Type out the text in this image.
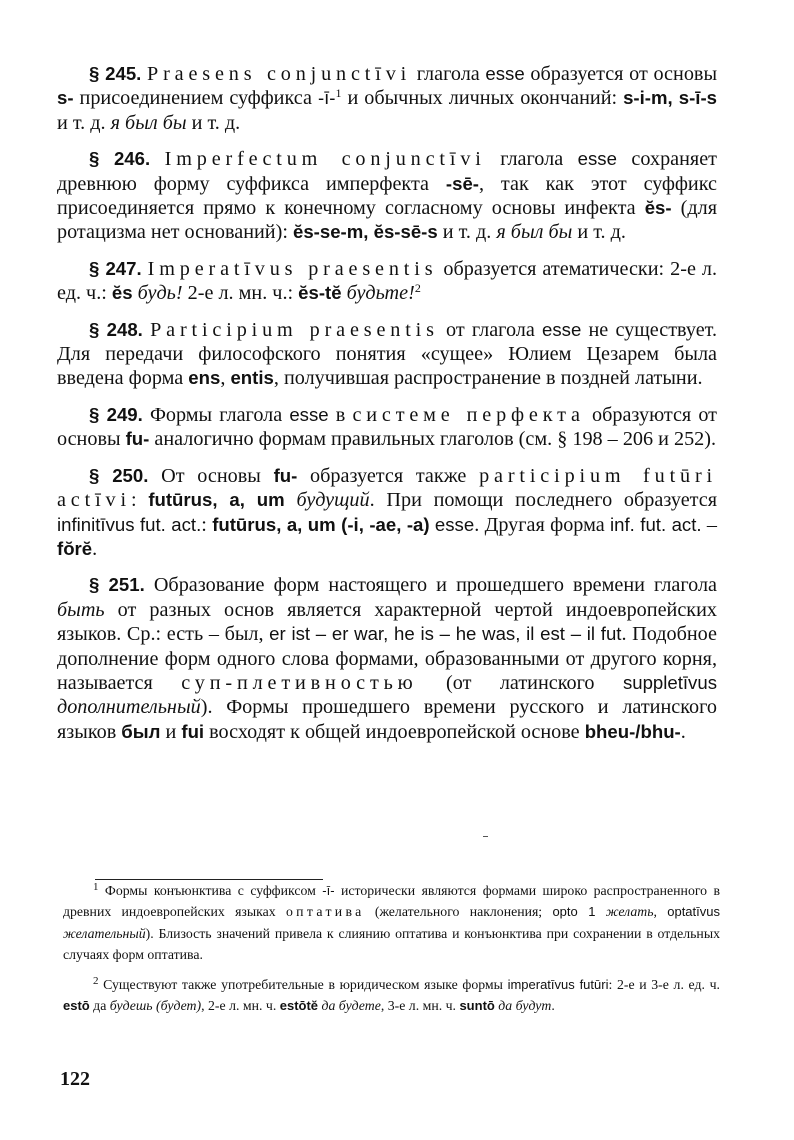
§ 245. Praesens conjunctīvi глагола esse образуется от основы s- присоединением суффикса -ī-$^1$ и обычных личных окончаний: s-i-m, s-ī-s и т. д. я был бы и т. д.

§ 246. Imperfectum conjunctīvi глагола esse сохраняет древнюю форму суффикса имперфекта -sē-, так как этот суффикс присоединяется прямо к конечному согласному основы инфекта ĕs- (для ротацизма нет оснований): ĕs-se-m, ĕs-sē-s и т. д. я был бы и т. д.

§ 247. Imperatīvus praesentis образуется атематически: 2-е л. ед. ч.: ĕs будь! 2-е л. мн. ч.: ĕs-tĕ будьте!$^2$

§ 248. Participium praesentis от глагола esse не существует. Для передачи философского понятия «сущее» Юлием Цезарем была введена форма ens, entis, получившая распространение в поздней латыни.

§ 249. Формы глагола esse в системе перфекта образуются от основы fu- аналогично формам правильных глаголов (см. § 198 – 206 и 252).

§ 250. От основы fu- образуется также participium futūri actīvi: futūrus, a, um будущий. При помощи последнего образуется infinitīvus fut. act.: futūrus, a, um (-i, -ae, -a) esse. Другая форма inf. fut. act. – fŏrĕ.

§ 251. Образование форм настоящего и прошедшего времени глагола быть от разных основ является характерной чертой индоевропейских языков. Ср.: есть – был, er ist – er war, he is – he was, il est – il fut. Подобное дополнение форм одного слова формами, образованными от другого корня, называется суп-плетивностью (от латинского suppletīvus дополнительный). Формы прошедшего времени русского и латинского языков был и fui восходят к общей индоевропейской основе bheu-/bhu-.

$^1$ Формы конъюнктива с суффиксом -ī- исторически являются формами широко распространенного в древних индоевропейских языках оптатива (желательного наклонения; opto 1 желать, optatīvus желательный). Близость значений привела к слиянию оптатива и конъюнктива при сохранении в отдельных случаях форм оптатива.

$^2$ Существуют также употребительные в юридическом языке формы imperatīvus futūri: 2-е и 3-е л. ед. ч. estō да будешь (будет), 2-е л. мн. ч. estōtĕ да будете, 3-е л. мн. ч. suntō да будут.

122
